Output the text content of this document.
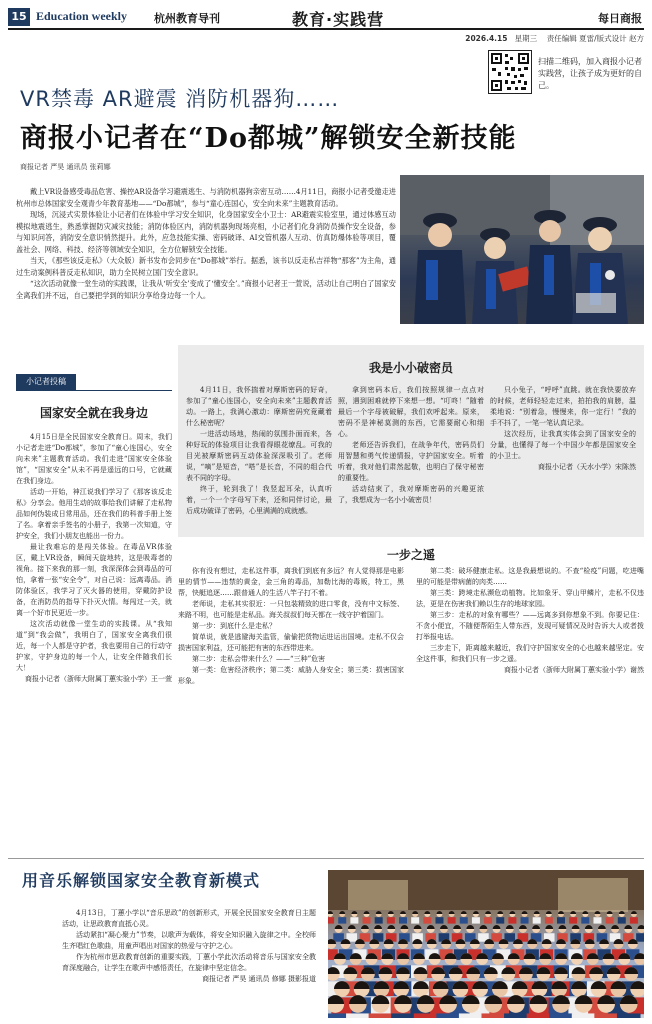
15 Education weekly 杭州教育导刊	教育·实践营	每日商报
2026.4.15 星期三 责任编辑 夏雷/版式设计 赵方
扫描二维码，加入商报小记者实践营，让孩子成为更好的自己。
VR禁毒 AR避震 消防机器狗……
商报小记者在“Do都城”解锁安全新技能
商报记者 严昊 通讯员 张莉娜

戴上VR设备感受毒品危害、操控AR设备学习避震逃生、与消防机器狗亲密互动……4月11日，商报小记者受邀走进杭州市总体国家安全观青少年教育基地——“Do都城”，参与“童心连国心，安全向未来”主题教育活动。

现场，沉浸式实景体验让小记者们在体验中学习安全知识，化身国家安全小卫士：AR避震实验室里，通过体感互动模拟地震逃生，熟悉掌握防灾减灾技能；消防体验区内，消防机器狗现场亮相，小记者们化身消防员操作安全设备，参与知识问答，消防安全意识悄然提升。此外，应急技能实操、密码破译、AI交管机器人互动、仿真防爆体验等项目，覆盖社会、网络、科技、经济等领域安全知识，全方位解锁安全技能。

当天，《那些该反走私》（大众版）新书发布会同步在“Do都城”举行。据悉，该书以反走私吉祥物“那客”为主角，通过生动案例科普反走私知识，助力全民树立国门安全意识。

“这次活动就像一堂生动的实践课，让我从‘听安全’变成了‘懂安全’。”商报小记者王一萱说，活动让自己明白了国家安全离我们并不远，自己要把学到的知识分享给身边每一个人。

小记者投稿
国家安全就在我身边

4月15日是全民国家安全教育日。周末，我们小记者走进“Do都城”，参加了“童心连国心，安全向未来”主题教育活动。我们走进“国家安全体验馆”，“国家安全”从未不再是遥远的口号，它就藏在我们身边。

活动一开始，神江说我们学习了《那客该反走私》分享会。他用生动的故事给我们讲解了走私物品如何伪装成日常用品，还在我们的科普手册上签了名。拿着亲手签名的小册子，我第一次知道，守护安全，我们小朋友也能出一份力。

最让我难忘的是闯关体验。在毒品VR体验区，戴上VR设备，瞬间天旋地转，这是吸毒者的视角。接下来我的那一刻，我深深体会到毒品的可怕，拿着一张“安全令”，对自己说：远离毒品。消防体验区，我学习了灭火器的使用，穿戴防护设备，在消防员的指导下扑灭火情。每闯过一关，就离一个好市民更近一步。

这次活动就像一堂生动的实践课。从“我知道”到“我会做”，我明白了，国家安全离我们很近，每一个人都是守护者，我也要用自己的行动守护家，守护身边的每一个人，让安全伴随我们长大！

商报小记者（浙师大附属丁蕙实验小学）王一萱

我是小小破密员

4月11日，我怀揣着对摩斯密码的好奇，参加了“童心连国心，安全向未来”主题教育活动。一路上，我满心激动：摩斯密码究竟藏着什么秘密呢？

一进活动场地，热闹的氛围扑面而来，各种好玩的体验项目让我看得眼花缭乱。可我的目光被摩斯密码互动体验深深吸引了。老师说，“嘀”是短音，“嗒”是长音，不同的组合代表不同的字母。

终于，轮到我了！我竖起耳朵，认真听着，一个一个字母写下来，还和同伴讨论，最后成功破译了密码，心里满满的成就感。

拿到密码本后，我们按照规律一点点对照，遇到困难就停下来想一想。“叮咚！”随着最后一个字母被破解，我们欢呼起来。原来，密码不是神秘莫测的东西，它需要耐心和细心。

老师还告诉我们，在战争年代，密码员们用智慧和勇气传递情报，守护国家安全。听着听着，我对他们肃然起敬，也明白了保守秘密的重要性。

活动结束了，我对摩斯密码的兴趣更浓了，我想成为一名小小破密员！

只小兔子，“呼呼”直跳。就在我快要放弃的时候，老师轻轻走过来，拍拍我的肩膀，温柔地说：“别着急，慢慢来，你一定行！”我的手不抖了，一笔一笔认真记录。

这次经历，让我真实体会到了国家安全的分量，也懂得了每一个中国少年都是国家安全的小卫士。

商报小记者（天水小学）宋陈然

一步之遥

你有没有想过，走私这件事，离我们到底有多远？有人觉得那是电影里的情节——违禁的黄金，金三角的毒品，加勒比海的毒贩，特工，黑帮，快艇追逐……跟普通人的生活八竿子打不着。

老师说，走私其实很近：一只包装精致的进口零食，没有中文标签、来路不明，也可能是走私品。海关叔叔们每天都在一线守护着国门。

第一步：到底什么是走私？

简单说，就是逃避海关监管，偷偷把货物运进运出国境。走私不仅会损害国家利益，还可能把有害的东西带进来。

第二步：走私会带来什么？——“三种”危害

第一类：危害经济秩序；第二类：威胁人身安全；第三类：损害国家形象。

第二类：破坏健康走私。这是我最想说的。不查“检疫”问题，吃进嘴里的可能是带病菌的肉类……

第三类：跨境走私濒危动植物。比如象牙、穿山甲鳞片，走私不仅违法，更是在伤害我们赖以生存的地球家园。

第三步：走私的对象有哪些？——远离多到你想象不到。你要记住：不贪小便宜，不随便帮陌生人带东西，发现可疑情况及时告诉大人或者拨打举报电话。

三步走下，距离越来越近，我们守护国家安全的心也越来越坚定。安全这件事，和我们只有一步之遥。

商报小记者（浙师大附属丁蕙实验小学）谢然

用音乐解锁国家安全教育新模式

4月13日，丁蕙小学以“音乐思政”的创新形式，开展全民国家安全教育日主题活动，让思政教育直抵心灵。

活动紧扣“凝心聚力”节奏，以歌声为载体，将安全知识融入旋律之中。全校师生齐唱红色歌曲，用童声唱出对国家的热爱与守护之心。

作为杭州市思政教育创新的重要实践，丁蕙小学此次活动将音乐与国家安全教育深度融合，让学生在歌声中感悟责任，在旋律中坚定信念。

商报记者 严昊 通讯员 修娜 摄影报道
